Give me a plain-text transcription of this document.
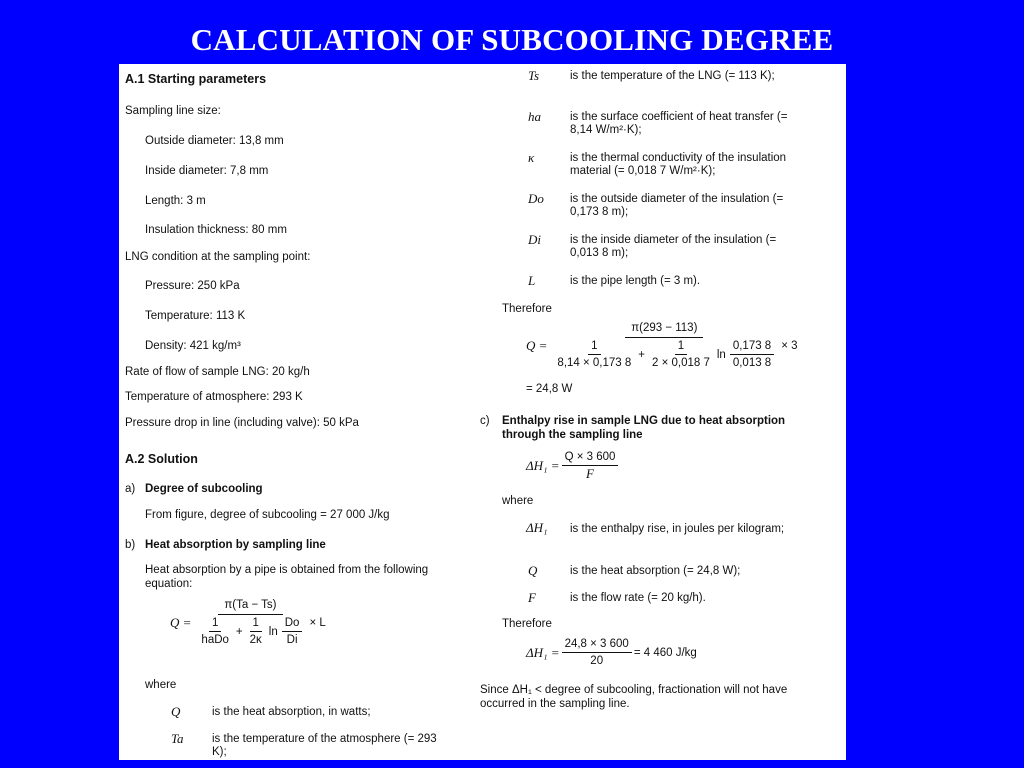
CALCULATION OF SUBCOOLING DEGREE
A.1 Starting parameters
Sampling line size:
Outside diameter: 13,8 mm
Inside diameter: 7,8 mm
Length: 3 m
Insulation thickness: 80 mm
LNG condition at the sampling point:
Pressure: 250 kPa
Temperature: 113 K
Density: 421 kg/m³
Rate of flow of sample LNG: 20 kg/h
Temperature of atmosphere: 293 K
Pressure drop in line (including valve): 50 kPa
A.2 Solution
a) Degree of subcooling
From figure, degree of subcooling = 27 000 J/kg
b) Heat absorption by sampling line
Heat absorption by a pipe is obtained from the following equation:
$Q = \frac{\pi(Ta - Ts)}{\frac{1}{\text{haDo}} + \frac{1}{2\kappa} \ln \frac{Do}{Di}} \times L$
where
Q	is the heat absorption, in watts;
Ta is the temperature of the atmosphere (= 293 K);
Ts	is the temperature of the LNG (= 113 K);
ha	is the surface coefficient of heat transfer (= 8,14 W/m²·K);
κ	is the thermal conductivity of the insulation material (= 0,018 7 W/m²·K);
Do is the outside diameter of the insulation (= 0,173 8 m);
Di	is the inside diameter of the insulation (= 0,013 8 m);
L	is the pipe length (= 3 m).
Therefore
Q =
π(293 − 113)
$\frac{1}{8,14 \times 0,173 8} + \frac{1}{2 \times 0,018 7}$ $\ln \frac{0,173 8}{0,013 8} \times 3$
= 24,8 W
c) Enthalpy rise in sample LNG due to heat absorption through the sampling line
$\Delta H_1 = \frac{Q \times 3 600}{F}$
where
ΔH₁ is the enthalpy rise, in joules per kilogram;
Q	is the heat absorption (= 24,8 W);
F	is the flow rate (= 20 kg/h).
Therefore
$\Delta H_1 = \frac{24,8 \times 3 600}{20} = 4$ 460 J/kg
Since ΔH₁ < degree of subcooling, fractionation will not have occurred in the sampling line.
